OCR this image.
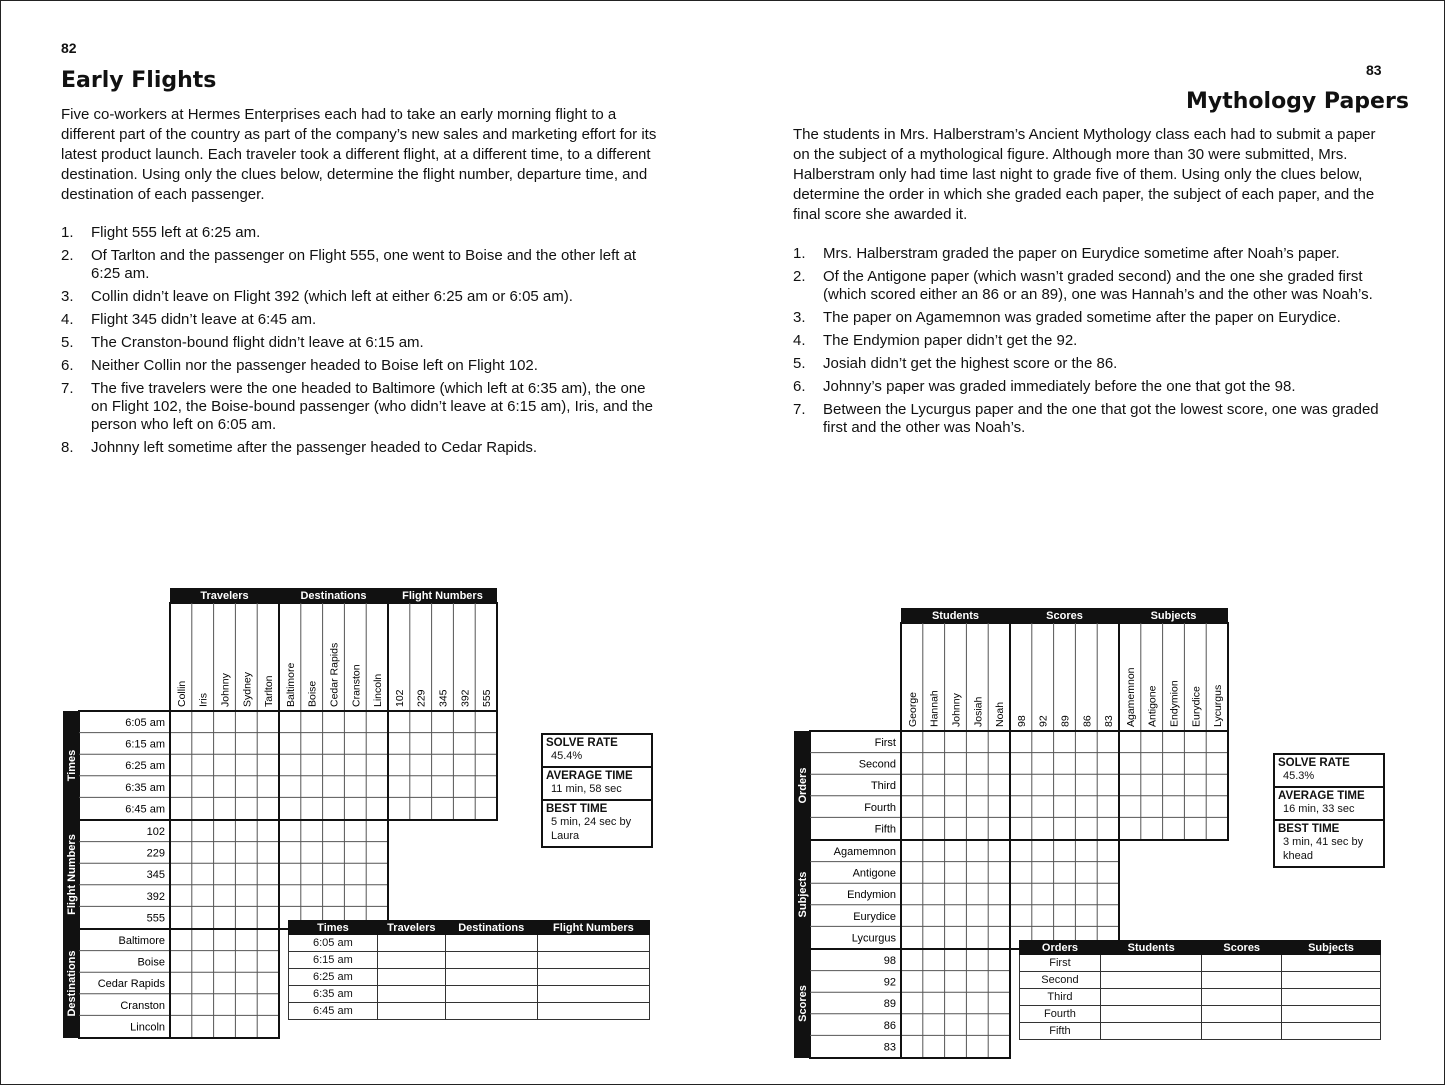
82
Early Flights

Five co-workers at Hermes Enterprises each had to take an early morning flight to a different part of the country as part of the company’s new sales and marketing effort for its latest product launch. Each traveler took a different flight, at a different time, to a different destination. Using only the clues below, determine the flight number, departure time, and destination of each passenger.

1. Flight 555 left at 6:25 am.
2. Of Tarlton and the passenger on Flight 555, one went to Boise and the other left at 6:25 am.
3. Collin didn’t leave on Flight 392 (which left at either 6:25 am or 6:05 am).
4. Flight 345 didn’t leave at 6:45 am.
5. The Cranston-bound flight didn’t leave at 6:15 am.
6. Neither Collin nor the passenger headed to Boise left on Flight 102.
7. The five travelers were the one headed to Baltimore (which left at 6:35 am), the one on Flight 102, the Boise-bound passenger (who didn’t leave at 6:15 am), Iris, and the person who left on 6:05 am.
8. Johnny left sometime after the passenger headed to Cedar Rapids.
Travelers
Collin Iris Johnny Sydney Tarlton
Destinations
Baltimore Boise Cedar Rapids Cranston Lincoln
Flight Numbers
102 229 345 392 555
Times
6:05 am
6:15 am
6:25 am
6:35 am
6:45 am
Flight Numbers
102
229
345
392
555
Destinations
Baltimore
Boise
Cedar Rapids
Cranston
Lincoln
SOLVE RATE
45.4%
AVERAGE TIME
11 min, 58 sec
BEST TIME
5 min, 24 sec by Laura
Times	Travelers	Destinations	Flight Numbers
6:05 am			
6:15 am			
6:25 am			
6:35 am			
6:45 am			
83
Mythology Papers

The students in Mrs. Halberstram’s Ancient Mythology class each had to submit a paper on the subject of a mythological figure. Although more than 30 were submitted, Mrs. Halberstram only had time last night to grade five of them. Using only the clues below, determine the order in which she graded each paper, the subject of each paper, and the final score she awarded it.

1. Mrs. Halberstram graded the paper on Eurydice sometime after Noah’s paper.
2. Of the Antigone paper (which wasn’t graded second) and the one she graded first (which scored either an 86 or an 89), one was Hannah’s and the other was Noah’s.
3. The paper on Agamemnon was graded sometime after the paper on Eurydice.
4. The Endymion paper didn’t get the 92.
5. Josiah didn’t get the highest score or the 86.
6. Johnny’s paper was graded immediately before the one that got the 98.
7. Between the Lycurgus paper and the one that got the lowest score, one was graded first and the other was Noah’s.
Students
George Hannah Johnny Josiah Noah
Scores
98 92 89 86 83
Subjects
Agamemnon Antigone Endymion Eurydice Lycurgus
Orders
First
Second
Third
Fourth
Fifth
Subjects
Agamemnon
Antigone
Endymion
Eurydice
Lycurgus
Scores
98
92
89
86
83
SOLVE RATE
45.3%
AVERAGE TIME
16 min, 33 sec
BEST TIME
3 min, 41 sec by khead
Orders	Students	Scores	Subjects
First			
Second			
Third			
Fourth			
Fifth			
